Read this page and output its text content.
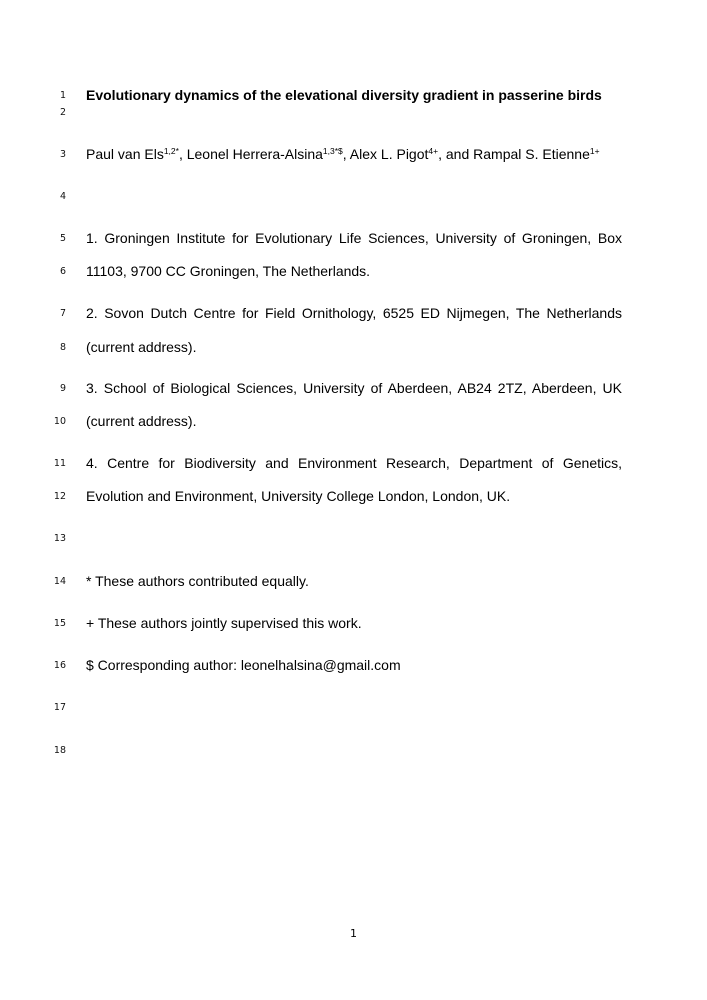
1 Evolutionary dynamics of the elevational diversity gradient in passerine birds
2
3 Paul van Els$^{1,2*}$, Leonel Herrera-Alsina$^{1,3*\$}$, Alex L. Pigot$^{4+}$, and Rampal S. Etienne$^{1+}$
4
5 1. Groningen Institute for Evolutionary Life Sciences, University of Groningen, Box
6 11103, 9700 CC Groningen, The Netherlands.
7 2. Sovon Dutch Centre for Field Ornithology, 6525 ED Nijmegen, The Netherlands
8 (current address).
9 3. School of Biological Sciences, University of Aberdeen, AB24 2TZ, Aberdeen, UK
10 (current address).
11 4. Centre for Biodiversity and Environment Research, Department of Genetics,
12 Evolution and Environment, University College London, London, UK.
13
14 * These authors contributed equally.
15 + These authors jointly supervised this work.
16 $ Corresponding author: leonelhalsina@gmail.com
17
18
1
